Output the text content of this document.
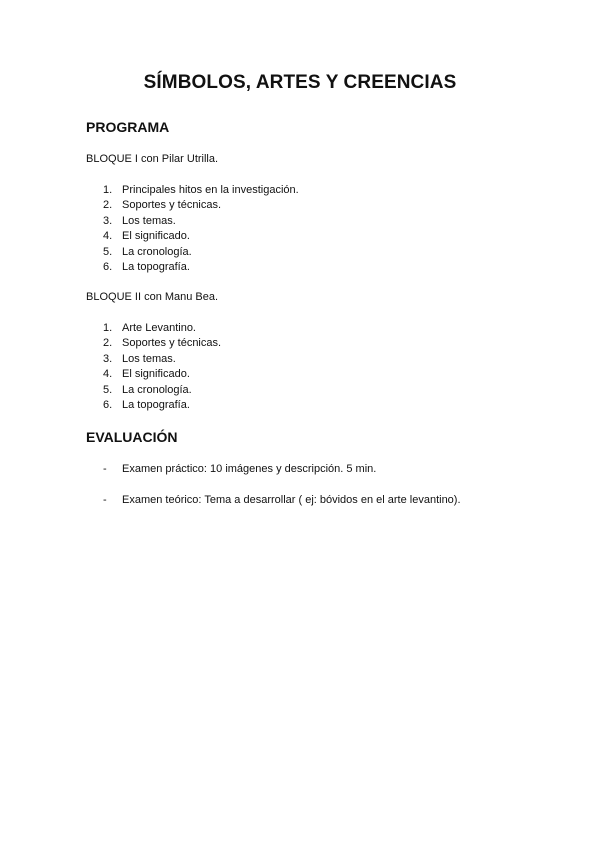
SÍMBOLOS, ARTES Y CREENCIAS
PROGRAMA

BLOQUE I con Pilar Utrilla.

1. Principales hitos en la investigación.
2. Soportes y técnicas.
3. Los temas.
4. El significado.
5. La cronología.
6. La topografía.

BLOQUE II con Manu Bea.

1. Arte Levantino.
2. Soportes y técnicas.
3. Los temas.
4. El significado.
5. La cronología.
6. La topografía.
EVALUACIÓN
- Examen práctico: 10 imágenes y descripción. 5 min.
- Examen teórico: Tema a desarrollar ( ej: bóvidos en el arte levantino).
